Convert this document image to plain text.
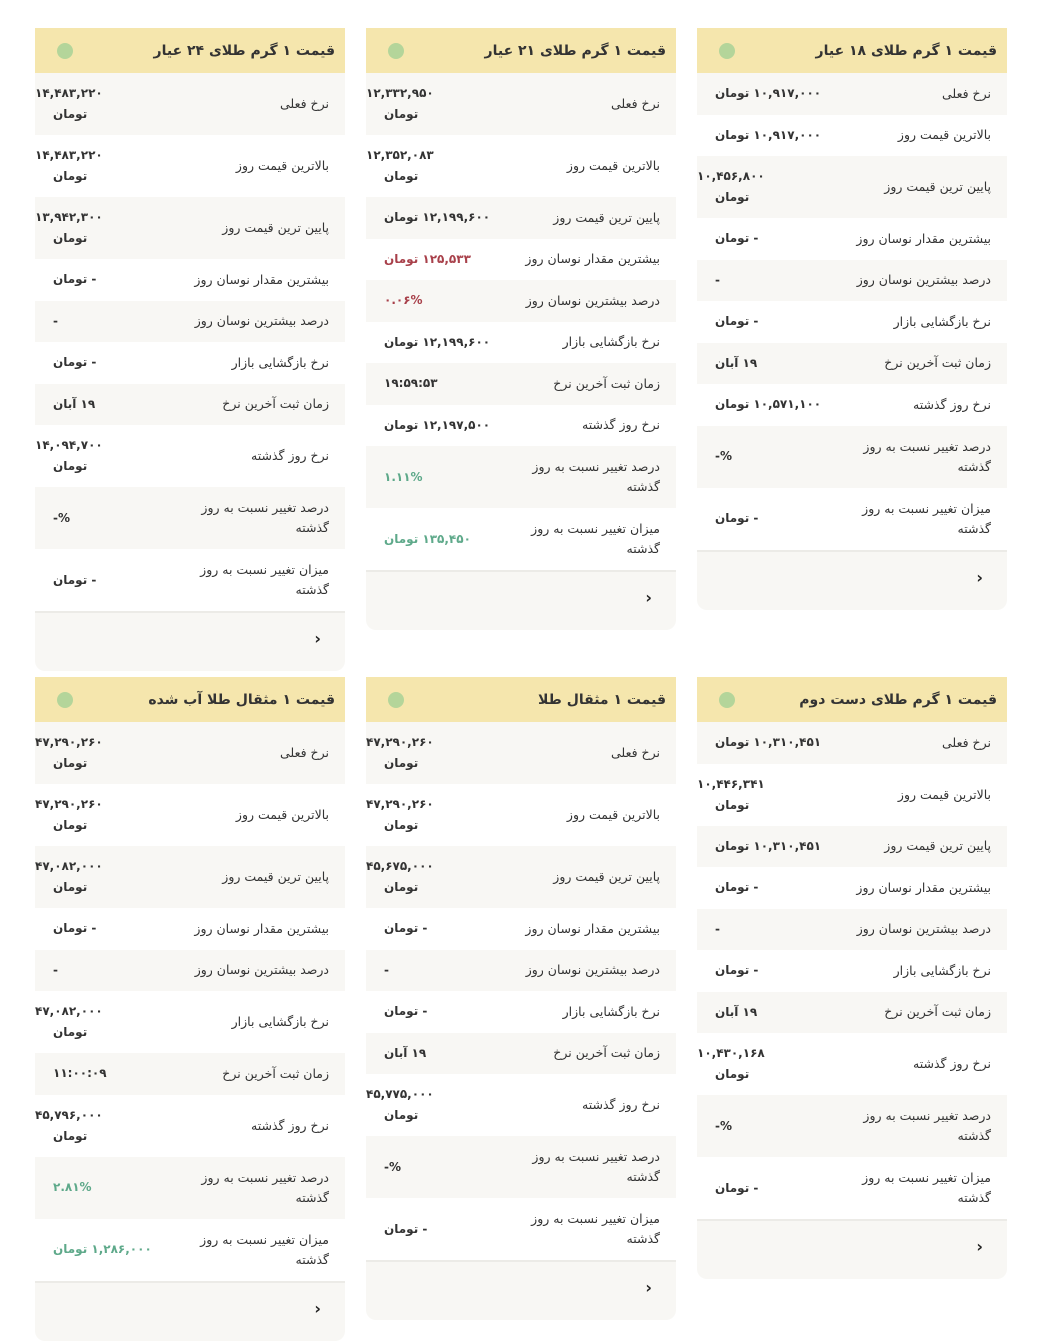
قیمت ۱ گرم طلای ۱۸ عیار
نرخ فعلی
۱۰,۹۱۷,۰۰۰ تومان
بالاترین قیمت روز
۱۰,۹۱۷,۰۰۰ تومان
پایین ترین قیمت روز
۱۰,۴۵۶,۸۰۰
تومان
بیشترین مقدار نوسان روز
- تومان
درصد بیشترین نوسان روز
-
نرخ بازگشایی بازار
- تومان
زمان ثبت آخرین نرخ
۱۹ آبان
نرخ روز گذشته
۱۰,۵۷۱,۱۰۰ تومان
درصد تغییر نسبت به روز گذشته
%-
میزان تغییر نسبت به روز گذشته
- تومان
‹
قیمت ۱ گرم طلای ۲۱ عیار
نرخ فعلی
۱۲,۳۳۲,۹۵۰
تومان
بالاترین قیمت روز
۱۲,۳۵۲,۰۸۳
تومان
پایین ترین قیمت روز
۱۲,۱۹۹,۶۰۰ تومان
بیشترین مقدار نوسان روز
۱۲۵,۵۳۳ تومان
درصد بیشترین نوسان روز
۰.۰۶%
نرخ بازگشایی بازار
۱۲,۱۹۹,۶۰۰ تومان
زمان ثبت آخرین نرخ
۱۹:۵۹:۵۳
نرخ روز گذشته
۱۲,۱۹۷,۵۰۰ تومان
درصد تغییر نسبت به روز گذشته
۱.۱۱%
میزان تغییر نسبت به روز گذشته
۱۳۵,۴۵۰ تومان
‹
قیمت ۱ گرم طلای ۲۴ عیار
نرخ فعلی
۱۴,۴۸۳,۲۲۰
تومان
بالاترین قیمت روز
۱۴,۴۸۳,۲۲۰
تومان
پایین ترین قیمت روز
۱۳,۹۴۲,۳۰۰
تومان
بیشترین مقدار نوسان روز
- تومان
درصد بیشترین نوسان روز
-
نرخ بازگشایی بازار
- تومان
زمان ثبت آخرین نرخ
۱۹ آبان
نرخ روز گذشته
۱۴,۰۹۴,۷۰۰
تومان
درصد تغییر نسبت به روز گذشته
%-
میزان تغییر نسبت به روز گذشته
- تومان
‹
قیمت ۱ گرم طلای دست دوم
نرخ فعلی
۱۰,۳۱۰,۴۵۱ تومان
بالاترین قیمت روز
۱۰,۴۴۶,۳۴۱
تومان
پایین ترین قیمت روز
۱۰,۳۱۰,۴۵۱ تومان
بیشترین مقدار نوسان روز
- تومان
درصد بیشترین نوسان روز
-
نرخ بازگشایی بازار
- تومان
زمان ثبت آخرین نرخ
۱۹ آبان
نرخ روز گذشته
۱۰,۴۳۰,۱۶۸
تومان
درصد تغییر نسبت به روز گذشته
%-
میزان تغییر نسبت به روز گذشته
- تومان
‹
قیمت ۱ مثقال طلا
نرخ فعلی
۴۷,۲۹۰,۲۶۰
تومان
بالاترین قیمت روز
۴۷,۲۹۰,۲۶۰
تومان
پایین ترین قیمت روز
۴۵,۶۷۵,۰۰۰
تومان
بیشترین مقدار نوسان روز
- تومان
درصد بیشترین نوسان روز
-
نرخ بازگشایی بازار
- تومان
زمان ثبت آخرین نرخ
۱۹ آبان
نرخ روز گذشته
۴۵,۷۷۵,۰۰۰
تومان
درصد تغییر نسبت به روز گذشته
%-
میزان تغییر نسبت به روز گذشته
- تومان
‹
قیمت ۱ مثقال طلا آب شده
نرخ فعلی
۴۷,۲۹۰,۲۶۰
تومان
بالاترین قیمت روز
۴۷,۲۹۰,۲۶۰
تومان
پایین ترین قیمت روز
۴۷,۰۸۲,۰۰۰
تومان
بیشترین مقدار نوسان روز
- تومان
درصد بیشترین نوسان روز
-
نرخ بازگشایی بازار
۴۷,۰۸۲,۰۰۰
تومان
زمان ثبت آخرین نرخ
۱۱:۰۰:۰۹
نرخ روز گذشته
۴۵,۷۹۶,۰۰۰
تومان
درصد تغییر نسبت به روز گذشته
۲.۸۱%
میزان تغییر نسبت به روز گذشته
۱,۲۸۶,۰۰۰ تومان
‹
